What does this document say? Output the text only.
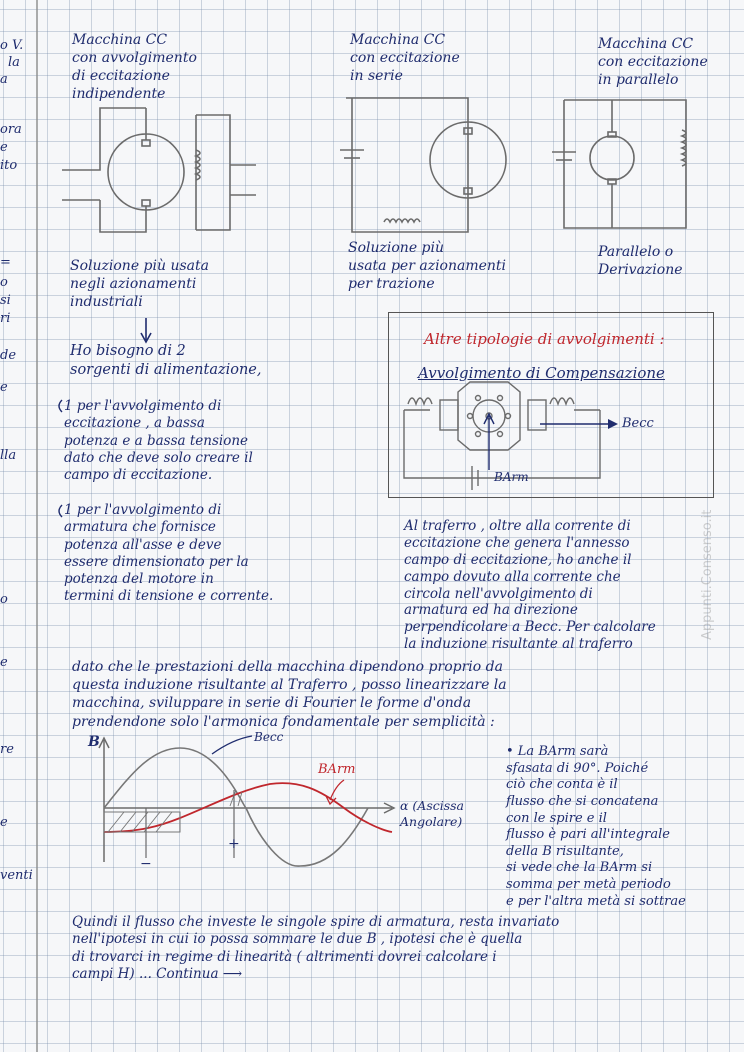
o V.
la
a
ora
e
ito
=
o
si
ri
de
e
lla
o
e
re
e
venti
Macchina CC
con avvolgimento
di eccitazione
indipendente
Macchina CC
con eccitazione
in serie
Macchina CC
con eccitazione
in parallelo
Soluzione più usata
negli azionamenti
industriali
Soluzione più
usata per azionamenti
per trazione
Parallelo o
Derivazione
Ho bisogno di 2
sorgenti di alimentazione,
1 per l'avvolgimento di
eccitazione , a bassa
potenza e a bassa tensione
dato che deve solo creare il
campo di eccitazione.
1 per l'avvolgimento di
armatura che fornisce
potenza all'asse e deve
essere dimensionato per la
potenza del motore in
termini di tensione e corrente.
Altre tipologie di avvolgimenti :
Avvolgimento di Compensazione
Becc
BArm
Al traferro , oltre alla corrente di
eccitazione che genera l'annesso
campo di eccitazione, ho anche il
campo dovuto alla corrente che
circola nell'avvolgimento di
armatura ed ha direzione
perpendicolare a Becc. Per calcolare
la induzione risultante al traferro
dato che le prestazioni della macchina dipendono proprio da
questa induzione risultante al Traferro , posso linearizzare la
macchina, sviluppare in serie di Fourier le forme d'onda
prendendone solo l'armonica fondamentale per semplicità :
B	Becc
BArm
α (Ascissa
Angolare)
−
+
• La BArm sarà
sfasata di 90°. Poiché
ciò che conta è il
flusso che si concatena
con le spire e il
flusso è pari all'integrale
della B risultante,
si vede che la BArm si
somma per metà periodo
e per l'altra metà si sottrae
Quindi il flusso che investe le singole spire di armatura, resta invariato
nell'ipotesi in cui io possa sommare le due B , ipotesi che è quella
di trovarci in regime di linearità ( altrimenti dovrei calcolare i
campi H) ... Continua ⟶
Appunti.Consenso.it
